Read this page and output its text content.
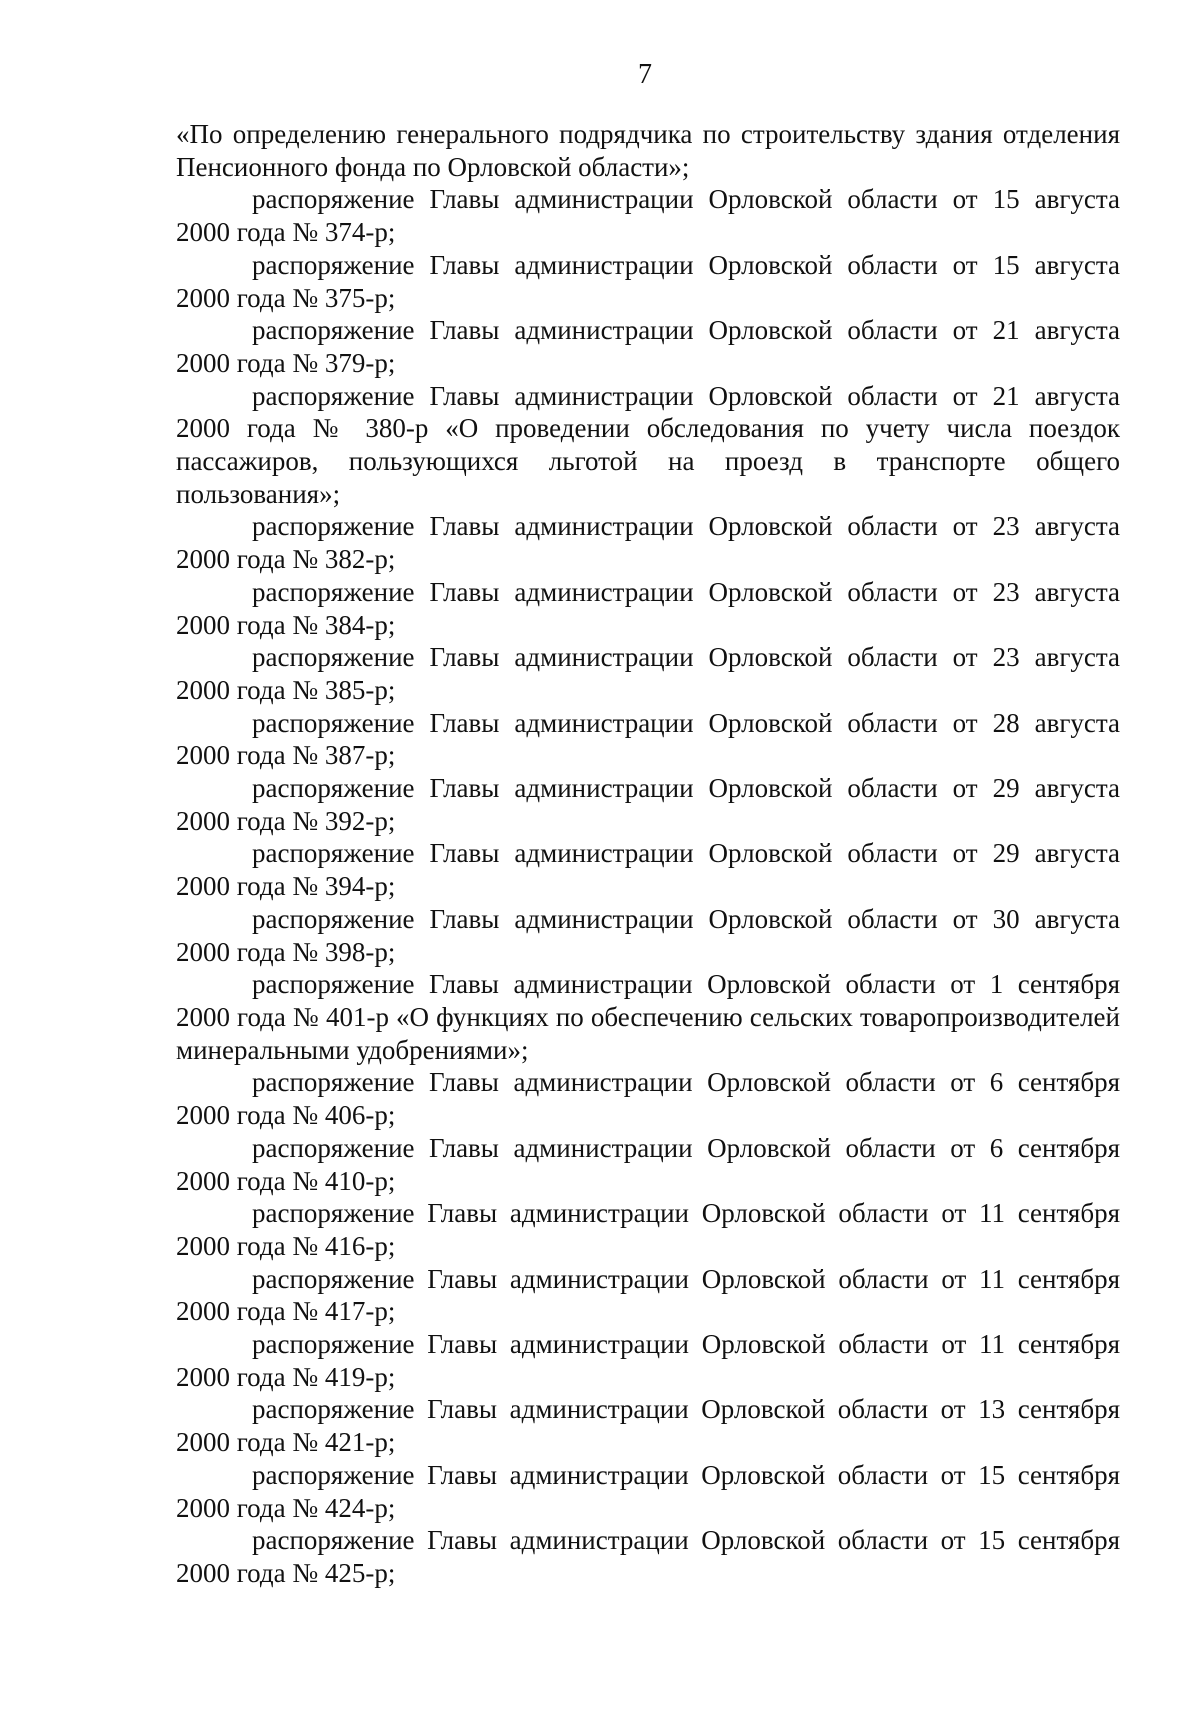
7

«По определению генерального подрядчика по строительству здания отделения Пенсионного фонда по Орловской области»;

распоряжение Главы администрации Орловской области от 15 августа 2000 года № 374-р;

распоряжение Главы администрации Орловской области от 15 августа 2000 года № 375-р;

распоряжение Главы администрации Орловской области от 21 августа 2000 года № 379-р;

распоряжение Главы администрации Орловской области от 21 августа 2000 года № 380-р «О проведении обследования по учету числа поездок пассажиров, пользующихся льготой на проезд в транспорте общего пользования»;

распоряжение Главы администрации Орловской области от 23 августа 2000 года № 382-р;

распоряжение Главы администрации Орловской области от 23 августа 2000 года № 384-р;

распоряжение Главы администрации Орловской области от 23 августа 2000 года № 385-р;

распоряжение Главы администрации Орловской области от 28 августа 2000 года № 387-р;

распоряжение Главы администрации Орловской области от 29 августа 2000 года № 392-р;

распоряжение Главы администрации Орловской области от 29 августа 2000 года № 394-р;

распоряжение Главы администрации Орловской области от 30 августа 2000 года № 398-р;

распоряжение Главы администрации Орловской области от 1 сентября 2000 года № 401-р «О функциях по обеспечению сельских товаропроизводителей минеральными удобрениями»;

распоряжение Главы администрации Орловской области от 6 сентября 2000 года № 406-р;

распоряжение Главы администрации Орловской области от 6 сентября 2000 года № 410-р;

распоряжение Главы администрации Орловской области от 11 сентября 2000 года № 416-р;

распоряжение Главы администрации Орловской области от 11 сентября 2000 года № 417-р;

распоряжение Главы администрации Орловской области от 11 сентября 2000 года № 419-р;

распоряжение Главы администрации Орловской области от 13 сентября 2000 года № 421-р;

распоряжение Главы администрации Орловской области от 15 сентября 2000 года № 424-р;

распоряжение Главы администрации Орловской области от 15 сентября 2000 года № 425-р;
